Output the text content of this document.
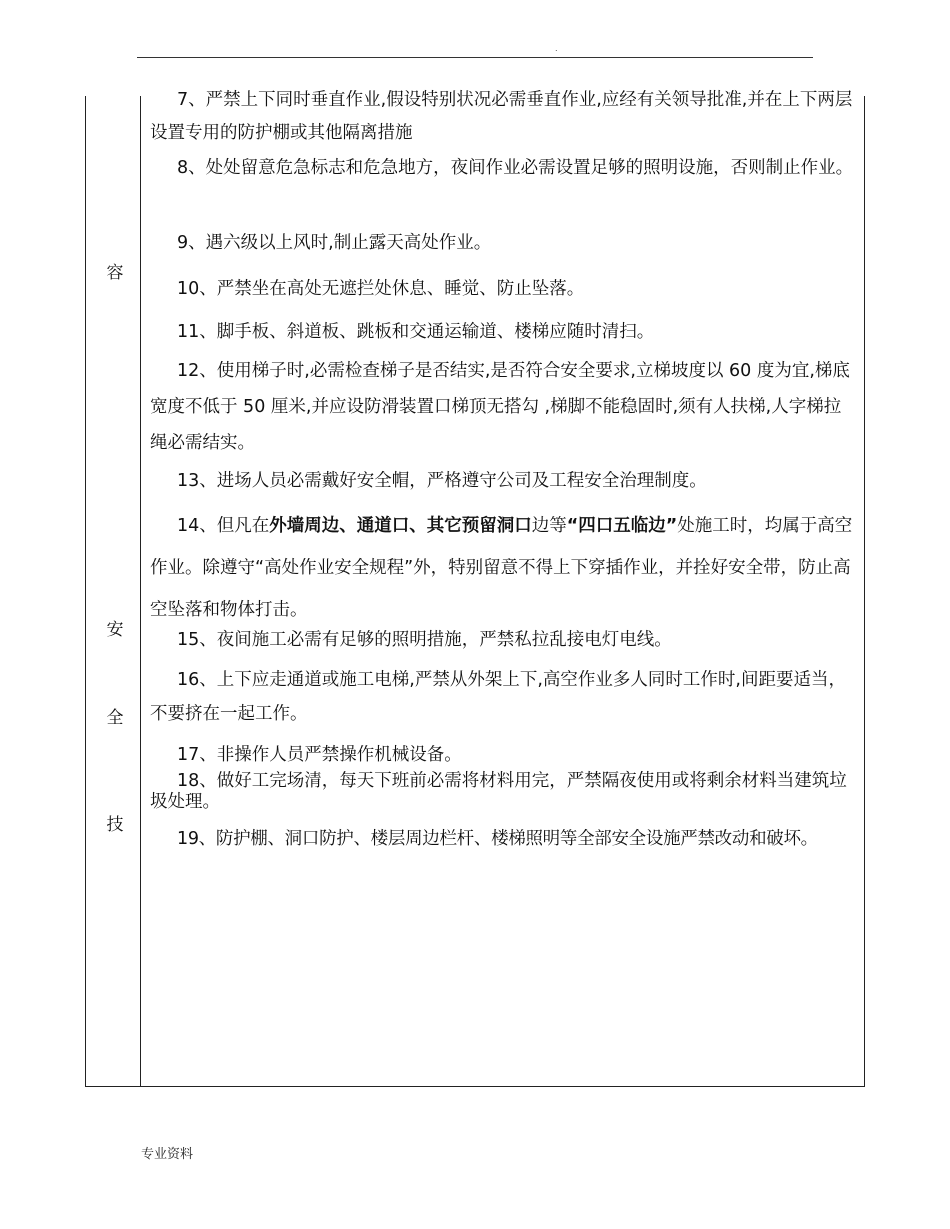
.
容
安
全
技

7、严禁上下同时垂直作业,假设特别状况必需垂直作业,应经有关领导批准,并在上下两层设置专用的防护棚或其他隔离措施

8、处处留意危急标志和危急地方，夜间作业必需设置足够的照明设施，否则制止作业。

9、遇六级以上风时,制止露天高处作业。

10、严禁坐在高处无遮拦处休息、睡觉、防止坠落。

11、脚手板、斜道板、跳板和交通运输道、楼梯应随时清扫。

12、使用梯子时,必需检查梯子是否结实,是否符合安全要求,立梯坡度以 60 度为宜,梯底宽度不低于 50 厘米,并应设防滑装置口梯顶无搭勾 ,梯脚不能稳固时,须有人扶梯,人字梯拉绳必需结实。

13、进场人员必需戴好安全帽，严格遵守公司及工程安全治理制度。

14、但凡在外墙周边、通道口、其它预留洞口边等“四口五临边”处施工时，均属于高空作业。除遵守“高处作业安全规程”外，特别留意不得上下穿插作业，并拴好安全带，防止高空坠落和物体打击。

15、夜间施工必需有足够的照明措施，严禁私拉乱接电灯电线。

16、上下应走通道或施工电梯,严禁从外架上下,高空作业多人同时工作时,间距要适当，不要挤在一起工作。

17、非操作人员严禁操作机械设备。

18、做好工完场清，每天下班前必需将材料用完，严禁隔夜使用或将剩余材料当建筑垃圾处理。

19、防护棚、洞口防护、楼层周边栏杆、楼梯照明等全部安全设施严禁改动和破坏。

专业资料
